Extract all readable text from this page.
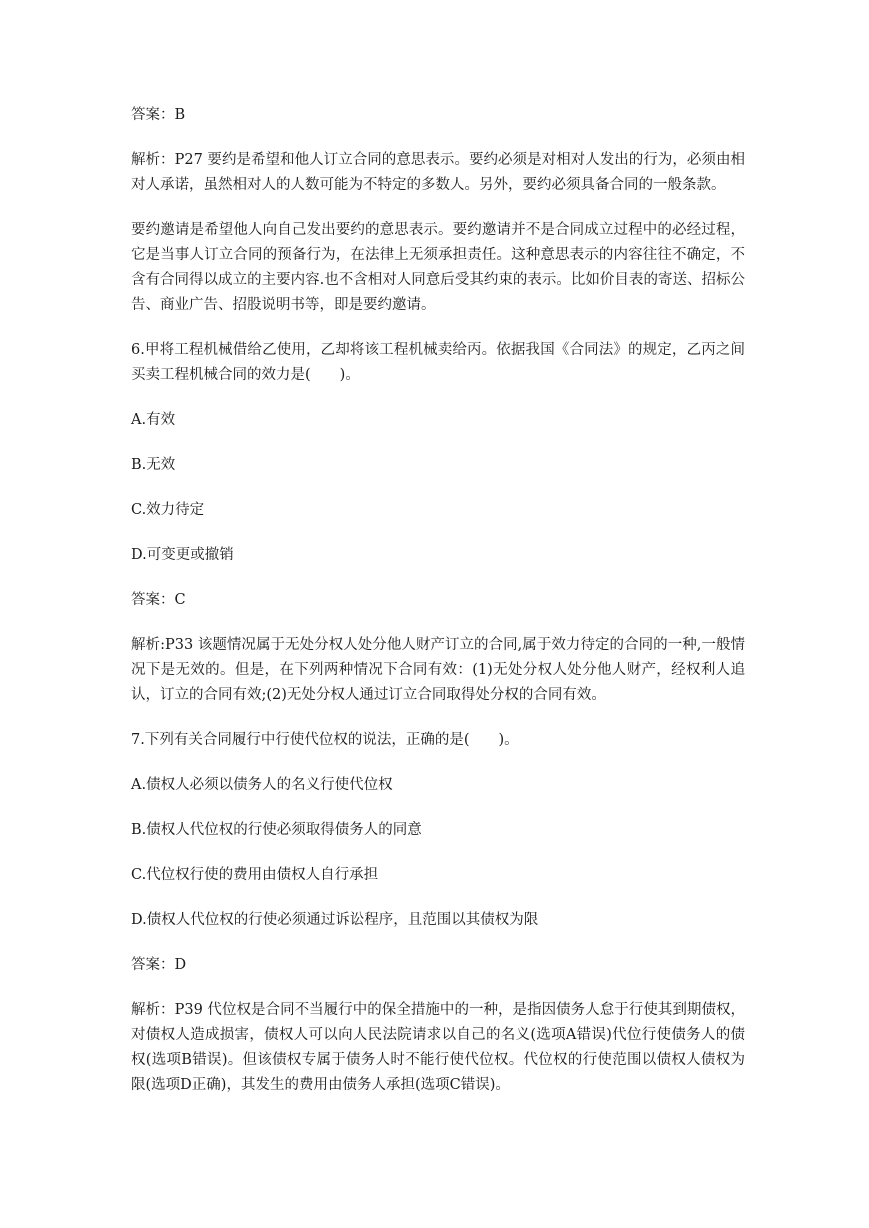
答案：B

解析：P27 要约是希望和他人订立合同的意思表示。要约必须是对相对人发出的行为，必须由相对人承诺，虽然相对人的人数可能为不特定的多数人。另外，要约必须具备合同的一般条款。

要约邀请是希望他人向自己发出要约的意思表示。要约邀请并不是合同成立过程中的必经过程，它是当事人订立合同的预备行为，在法律上无须承担责任。这种意思表示的内容往往不确定，不含有合同得以成立的主要内容.也不含相对人同意后受其约束的表示。比如价目表的寄送、招标公告、商业广告、招股说明书等，即是要约邀请。

6.甲将工程机械借给乙使用，乙却将该工程机械卖给丙。依据我国《合同法》的规定，乙丙之间买卖工程机械合同的效力是(　　)。

A.有效

B.无效

C.效力待定

D.可变更或撤销

答案：C

解析:P33 该题情况属于无处分权人处分他人财产订立的合同,属于效力待定的合同的一种,一般情况下是无效的。但是，在下列两种情况下合同有效：(1)无处分权人处分他人财产，经权利人追认，订立的合同有效;(2)无处分权人通过订立合同取得处分权的合同有效。

7.下列有关合同履行中行使代位权的说法，正确的是(　　)。

A.债权人必须以债务人的名义行使代位权

B.债权人代位权的行使必须取得债务人的同意

C.代位权行使的费用由债权人自行承担

D.债权人代位权的行使必须通过诉讼程序，且范围以其债权为限

答案：D

解析：P39 代位权是合同不当履行中的保全措施中的一种，是指因债务人怠于行使其到期债权，对债权人造成损害，债权人可以向人民法院请求以自己的名义(选项A错误)代位行使债务人的债权(选项B错误)。但该债权专属于债务人时不能行使代位权。代位权的行使范围以债权人债权为限(选项D正确)，其发生的费用由债务人承担(选项C错误)。
